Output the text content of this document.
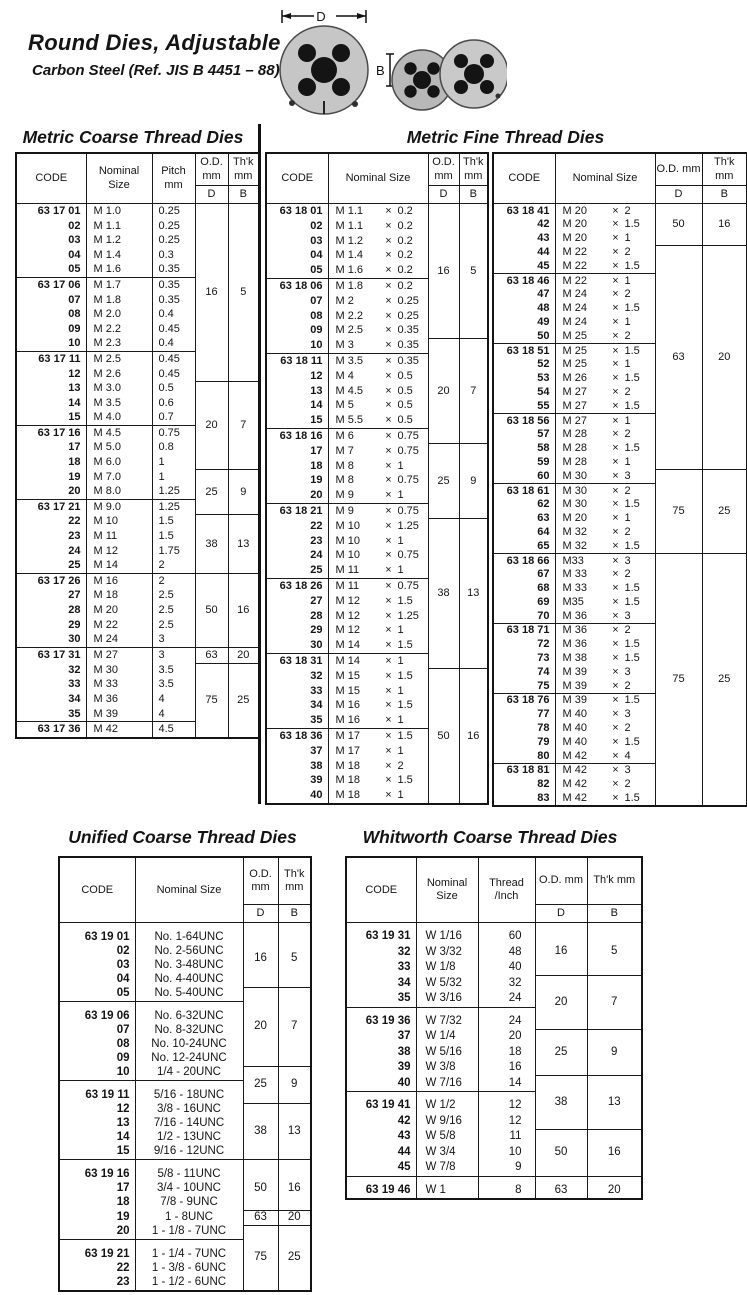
Round Dies, Adjustable
Carbon Steel (Ref. JIS B 4451 – 88)
D
B
Metric Coarse Thread Dies	Metric Fine Thread Dies
Unified Coarse Thread Dies	Whitworth Coarse Thread Dies
CODE	Nominal Size	Pitch mm	O.D. mm	Th'k mm
			D	B
63 17 01	M 1.0	0.25	16	5
02	M 1.1	0.25		
03	M 1.2	0.25		
04	M 1.4	0.3		
05	M 1.6	0.35		
63 17 06	M 1.7	0.35		
07	M 1.8	0.35		
08	M 2.0	0.4		
09	M 2.2	0.45		
10	M 2.3	0.4		
63 17 11	M 2.5	0.45		
12	M 2.6	0.45		
13	M 3.0	0.5	20	7
14	M 3.5	0.6		
15	M 4.0	0.7		
63 17 16	M 4.5	0.75		
17	M 5.0	0.8		
18	M 6.0	1		
19	M 7.0	1	25	9
20	M 8.0	1.25		
63 17 21	M 9.0	1.25		
22	M 10	1.5	38	13
23	M 11	1.5		
24	M 12	1.75		
25	M 14	2		
63 17 26	M 16	2	50	16
27	M 18	2.5		
28	M 20	2.5		
29	M 22	2.5		
30	M 24	3		
63 17 31	M 27	3	63	20
32	M 30	3.5	75	25
33	M 33	3.5		
34	M 36	4		
35	M 39	4		
63 17 36	M 42	4.5		
CODE	Nominal Size	O.D. mm	Th'k mm
		D	B
63 18 01	M 1.1 × 0.2	16	5
02	M 1.1 × 0.2		
03	M 1.2 × 0.2		
04	M 1.4 × 0.2		
05	M 1.6 × 0.2		
63 18 06	M 1.8 × 0.2		
07	M 2 × 0.25		
08	M 2.2 × 0.25		
09	M 2.5 × 0.35		
10	M 3 × 0.35	20	7
63 18 11	M 3.5 × 0.35		
12	M 4 × 0.5		
13	M 4.5 × 0.5		
14	M 5 × 0.5		
15	M 5.5 × 0.5		
63 18 16	M 6 × 0.75		
17	M 7 × 0.75	25	9
18	M 8 × 1		
19	M 8 × 0.75		
20	M 9 × 1		
63 18 21	M 9 × 0.75		
22	M 10 × 1.25	38	13
23	M 10 × 1		
24	M 10 × 0.75		
25	M 11 × 1		
63 18 26	M 11 × 0.75		
27	M 12 × 1.5		
28	M 12 × 1.25		
29	M 12 × 1		
30	M 14 × 1.5		
63 18 31	M 14 × 1		
32	M 15 × 1.5	50	16
33	M 15 × 1		
34	M 16 × 1.5		
35	M 16 × 1		
63 18 36	M 17 × 1.5		
37	M 17 × 1		
38	M 18 × 2		
39	M 18 × 1.5		
40	M 18 × 1		
CODE	Nominal Size	O.D. mm	Th'k mm
		D	B
63 18 41	M 20 × 2	50	16
42	M 20 × 1.5		
43	M 20 × 1		
44	M 22 × 2	63	20
45	M 22 × 1.5		
63 18 46	M 22 × 1		
47	M 24 × 2		
48	M 24 × 1.5		
49	M 24 × 1		
50	M 25 × 2		
63 18 51	M 25 × 1.5		
52	M 25 × 1		
53	M 26 × 1.5		
54	M 27 × 2		
55	M 27 × 1.5		
63 18 56	M 27 × 1		
57	M 28 × 2		
58	M 28 × 1.5		
59	M 28 × 1		
60	M 30 × 3	75	25
63 18 61	M 30 × 2		
62	M 30 × 1.5		
63	M 20 × 1		
64	M 32 × 2		
65	M 32 × 1.5		
63 18 66	M33 × 3	75	25
67	M 33 × 2		
68	M 33 × 1.5		
69	M35 × 1.5		
70	M 36 × 3		
63 18 71	M 36 × 2		
72	M 36 × 1.5		
73	M 38 × 1.5		
74	M 39 × 3		
75	M 39 × 2		
63 18 76	M 39 × 1.5		
77	M 40 × 3		
78	M 40 × 2		
79	M 40 × 1.5		
80	M 42 × 4		
63 18 81	M 42 × 3		
82	M 42 × 2		
83	M 42 × 1.5		
CODE	Nominal Size	O.D. mm	Th'k mm
		D	B
63 19 01	No. 1-64UNC	16	5
02	No. 2-56UNC		
03	No. 3-48UNC		
04	No. 4-40UNC		
05	No. 5-40UNC	20	7
63 19 06	No. 6-32UNC		
07	No. 8-32UNC		
08	No. 10-24UNC		
09	No. 12-24UNC		
10	1/4 - 20UNC	25	9
63 19 11	5/16 - 18UNC		
12	3/8 - 16UNC	38	13
13	7/16 - 14UNC		
14	1/2 - 13UNC		
15	9/16 - 12UNC		
63 19 16	5/8 - 11UNC	50	16
17	3/4 - 10UNC		
18	7/8 - 9UNC		
19	1 - 8UNC	63	20
20	1 - 1/8 - 7UNC	75	25
63 19 21	1 - 1/4 - 7UNC		
22	1 - 3/8 - 6UNC		
23	1 - 1/2 - 6UNC		
CODE	Nominal Size	Thread /Inch	O.D. mm	Th'k mm
			D	B
63 19 31	W 1/16	60	16	5
32	W 3/32	48		
33	W 1/8	40		
34	W 5/32	32	20	7
35	W 3/16	24		
63 19 36	W 7/32	24		
37	W 1/4	20	25	9
38	W 5/16	18		
39	W 3/8	16		
40	W 7/16	14	38	13
63 19 41	W 1/2	12		
42	W 9/16	12		
43	W 5/8	11	50	16
44	W 3/4	10		
45	W 7/8	9		
63 19 46	W 1	8	63	20
